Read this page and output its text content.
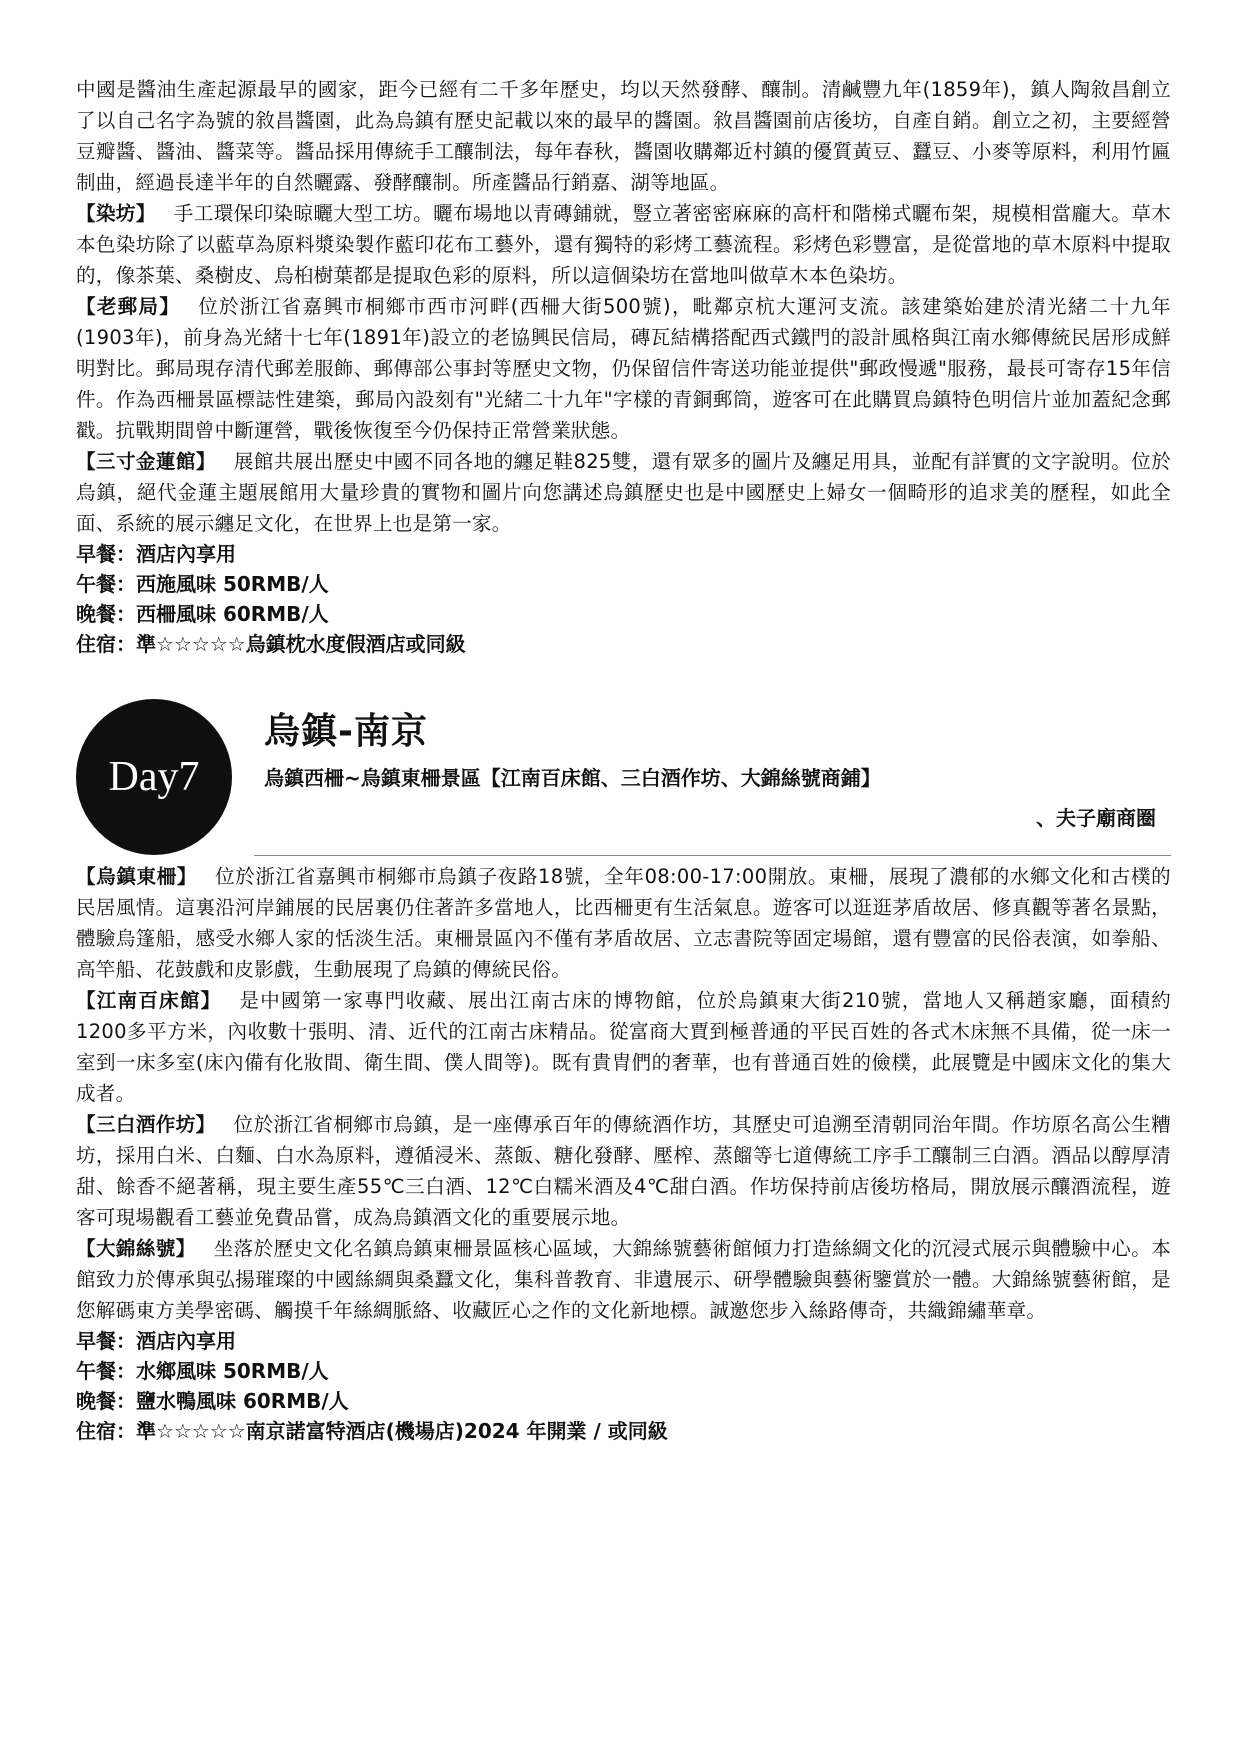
中國是醬油生產起源最早的國家，距今已經有二千多年歷史，均以天然發酵、釀制。清鹹豐九年(1859年)，鎮人陶敘昌創立了以自己名字為號的敘昌醬園，此為烏鎮有歷史記載以來的最早的醬園。敘昌醬園前店後坊，自產自銷。創立之初，主要經營豆瓣醬、醬油、醬菜等。醬品採用傳統手工釀制法，每年春秋，醬園收購鄰近村鎮的優質黃豆、蠶豆、小麥等原料，利用竹匾制曲，經過長達半年的自然曬露、發酵釀制。所產醬品行銷嘉、湖等地區。

【染坊】 手工環保印染晾曬大型工坊。曬布場地以青磚鋪就，豎立著密密麻麻的高杆和階梯式曬布架，規模相當龐大。草木本色染坊除了以藍草為原料漿染製作藍印花布工藝外，還有獨特的彩烤工藝流程。彩烤色彩豐富，是從當地的草木原料中提取的，像茶葉、桑樹皮、烏桕樹葉都是提取色彩的原料，所以這個染坊在當地叫做草木本色染坊。

【老郵局】 位於浙江省嘉興市桐鄉市西市河畔(西柵大街500號)，毗鄰京杭大運河支流。該建築始建於清光緒二十九年(1903年)，前身為光緒十七年(1891年)設立的老協興民信局，磚瓦結構搭配西式鐵門的設計風格與江南水鄉傳統民居形成鮮明對比。郵局現存清代郵差服飾、郵傳部公事封等歷史文物，仍保留信件寄送功能並提供"郵政慢遞"服務，最長可寄存15年信件。作為西柵景區標誌性建築，郵局內設刻有"光緒二十九年"字樣的青銅郵筒，遊客可在此購買烏鎮特色明信片並加蓋紀念郵戳。抗戰期間曾中斷運營，戰後恢復至今仍保持正常營業狀態。

【三寸金蓮館】 展館共展出歷史中國不同各地的纏足鞋825雙，還有眾多的圖片及纏足用具，並配有詳實的文字說明。位於烏鎮，絕代金蓮主題展館用大量珍貴的實物和圖片向您講述烏鎮歷史也是中國歷史上婦女一個畸形的追求美的歷程，如此全面、系統的展示纏足文化，在世界上也是第一家。

早餐：酒店內享用

午餐：西施風味 50RMB/人

晚餐：西柵風味 60RMB/人

住宿：準☆☆☆☆☆烏鎮枕水度假酒店或同級

Day7
烏鎮-南京

烏鎮西柵~烏鎮東柵景區【江南百床館、三白酒作坊、大錦絲號商鋪】

、夫子廟商圈

【烏鎮東柵】 位於浙江省嘉興市桐鄉市烏鎮子夜路18號，全年08:00-17:00開放。東柵，展現了濃郁的水鄉文化和古樸的民居風情。這裏沿河岸鋪展的民居裏仍住著許多當地人，比西柵更有生活氣息。遊客可以逛逛茅盾故居、修真觀等著名景點，體驗烏篷船，感受水鄉人家的恬淡生活。東柵景區內不僅有茅盾故居、立志書院等固定場館，還有豐富的民俗表演，如拳船、高竿船、花鼓戲和皮影戲，生動展現了烏鎮的傳統民俗。

【江南百床館】 是中國第一家專門收藏、展出江南古床的博物館，位於烏鎮東大街210號，當地人又稱趙家廳，面積約1200多平方米，內收數十張明、清、近代的江南古床精品。從富商大賈到極普通的平民百姓的各式木床無不具備，從一床一室到一床多室(床內備有化妝間、衛生間、僕人間等)。既有貴胄們的奢華，也有普通百姓的儉樸，此展覽是中國床文化的集大成者。

【三白酒作坊】 位於浙江省桐鄉市烏鎮，是一座傳承百年的傳統酒作坊，其歷史可追溯至清朝同治年間。作坊原名高公生糟坊，採用白米、白麵、白水為原料，遵循浸米、蒸飯、糖化發酵、壓榨、蒸餾等七道傳統工序手工釀制三白酒。酒品以醇厚清甜、餘香不絕著稱，現主要生產55℃三白酒、12℃白糯米酒及4℃甜白酒。作坊保持前店後坊格局，開放展示釀酒流程，遊客可現場觀看工藝並免費品嘗，成為烏鎮酒文化的重要展示地。

【大錦絲號】 坐落於歷史文化名鎮烏鎮東柵景區核心區域，大錦絲號藝術館傾力打造絲綢文化的沉浸式展示與體驗中心。本館致力於傳承與弘揚璀璨的中國絲綢與桑蠶文化，集科普教育、非遺展示、研學體驗與藝術鑒賞於一體。大錦絲號藝術館，是您解碼東方美學密碼、觸摸千年絲綢脈絡、收藏匠心之作的文化新地標。誠邀您步入絲路傳奇，共織錦繡華章。

早餐：酒店內享用

午餐：水鄉風味 50RMB/人

晚餐：鹽水鴨風味 60RMB/人

住宿：準☆☆☆☆☆南京諾富特酒店(機場店)2024 年開業 / 或同級
